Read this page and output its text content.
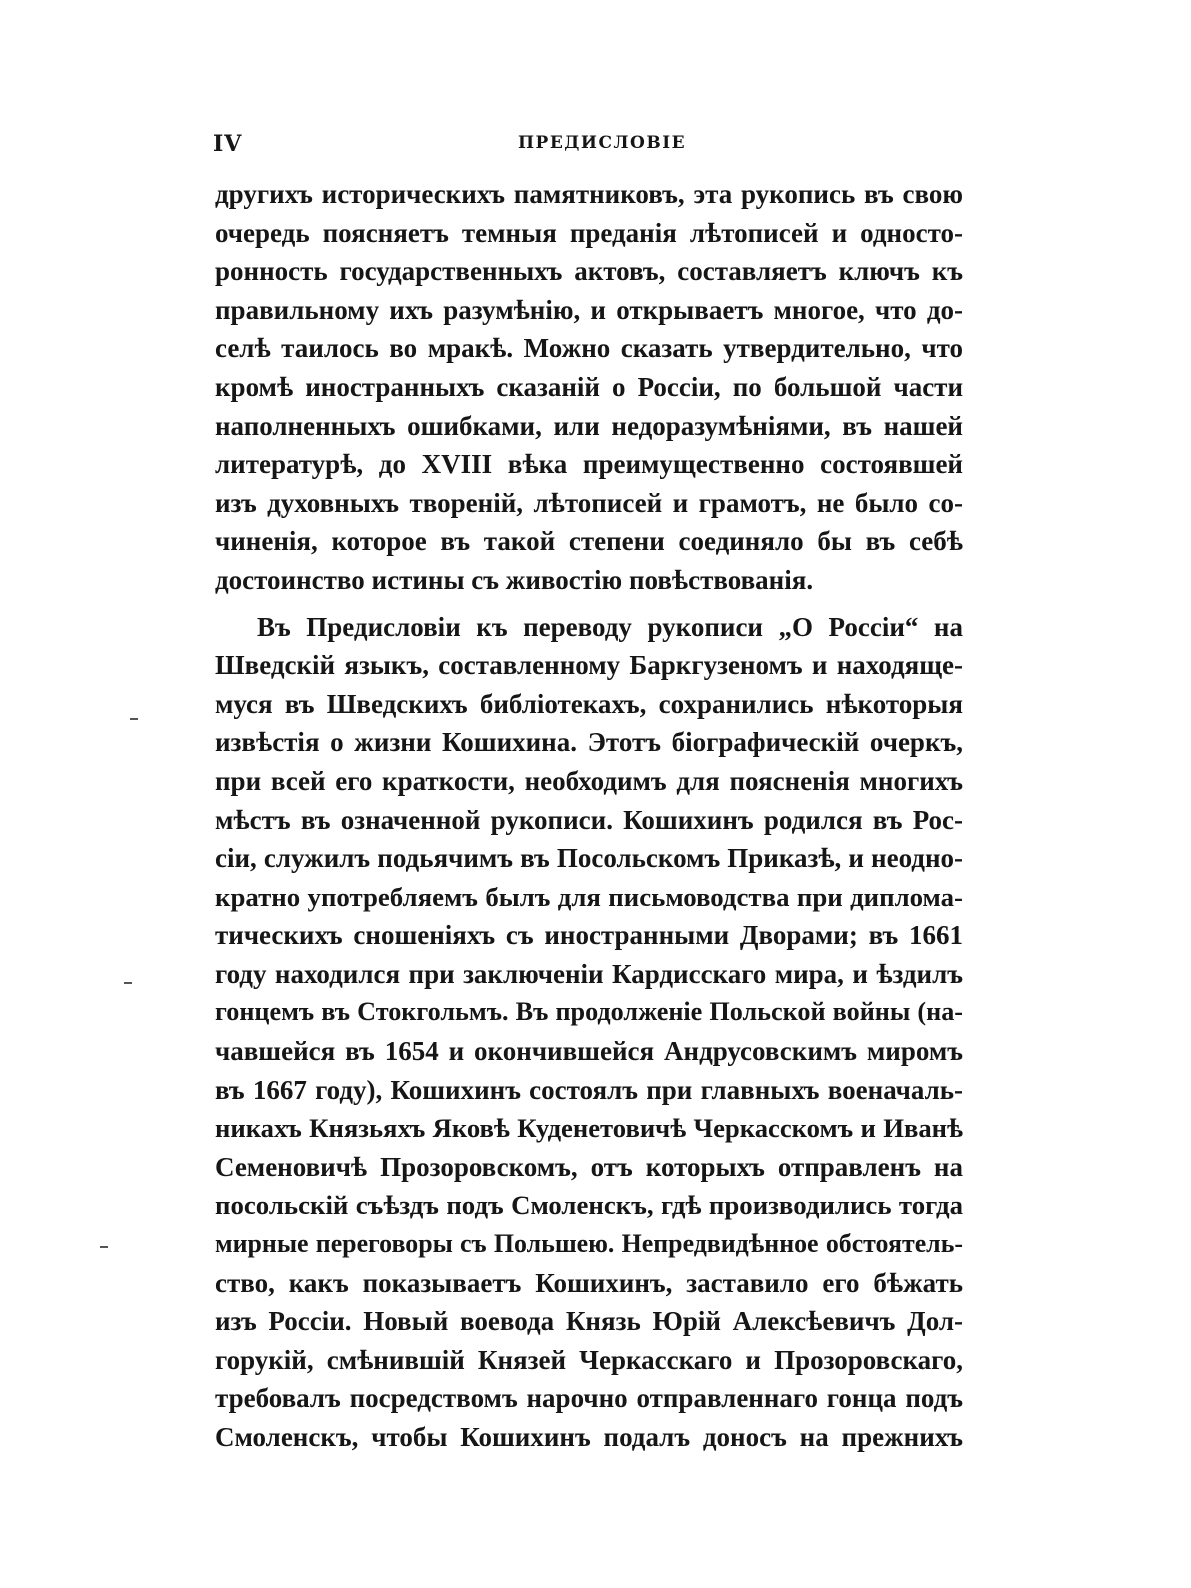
IV	ПРЕДИСЛОВІЕ
другихъ историческихъ памятниковъ, эта рукопись въ свою
очередь поясняетъ темныя преданія лѣтописей и односто-
ронность государственныхъ актовъ, составляетъ ключъ къ
правильному ихъ разумѣнію, и открываетъ многое, что до-
селѣ таилось во мракѣ. Можно сказать утвердительно, что
кромѣ иностранныхъ сказаній о Россіи, по большой части
наполненныхъ ошибками, или недоразумѣніями, въ нашей
литературѣ, до XVIII вѣка преимущественно состоявшей
изъ духовныхъ твореній, лѣтописей и грамотъ, не было со-
чиненія, которое въ такой степени соединяло бы въ себѣ
достоинство истины съ живостію повѣствованія.
Въ Предисловіи къ переводу рукописи „О Россіи“ на
Шведскій языкъ, составленному Баркгузеномъ и находяще-
муся въ Шведскихъ библіотекахъ, сохранились нѣкоторыя
извѣстія о жизни Кошихина. Этотъ біографическій очеркъ,
при всей его краткости, необходимъ для поясненія многихъ
мѣстъ въ означенной рукописи. Кошихинъ родился въ Рос-
сіи, служилъ подьячимъ въ Посольскомъ Приказѣ, и неодно-
кратно употребляемъ былъ для письмоводства при диплома-
тическихъ сношеніяхъ съ иностранными Дворами; въ 1661
году находился при заключеніи Кардисскаго мира, и ѣздилъ
гонцемъ въ Стокгольмъ. Въ продолженіе Польской войны (на-
чавшейся въ 1654 и окончившейся Андрусовскимъ миромъ
въ 1667 году), Кошихинъ состоялъ при главныхъ военачаль-
никахъ Князьяхъ Яковѣ Куденетовичѣ Черкасскомъ и Иванѣ
Семеновичѣ Прозоровскомъ, отъ которыхъ отправленъ на
посольскій съѣздъ подъ Смоленскъ, гдѣ производились тогда
мирные переговоры съ Польшею. Непредвидѣнное обстоятель-
ство, какъ показываетъ Кошихинъ, заставило его бѣжать
изъ Россіи. Новый воевода Князь Юрій Алексѣевичъ Дол-
горукій, смѣнившій Князей Черкасскаго и Прозоровскаго,
требовалъ посредствомъ нарочно отправленнаго гонца подъ
Смоленскъ, чтобы Кошихинъ подалъ доносъ на прежнихъ
